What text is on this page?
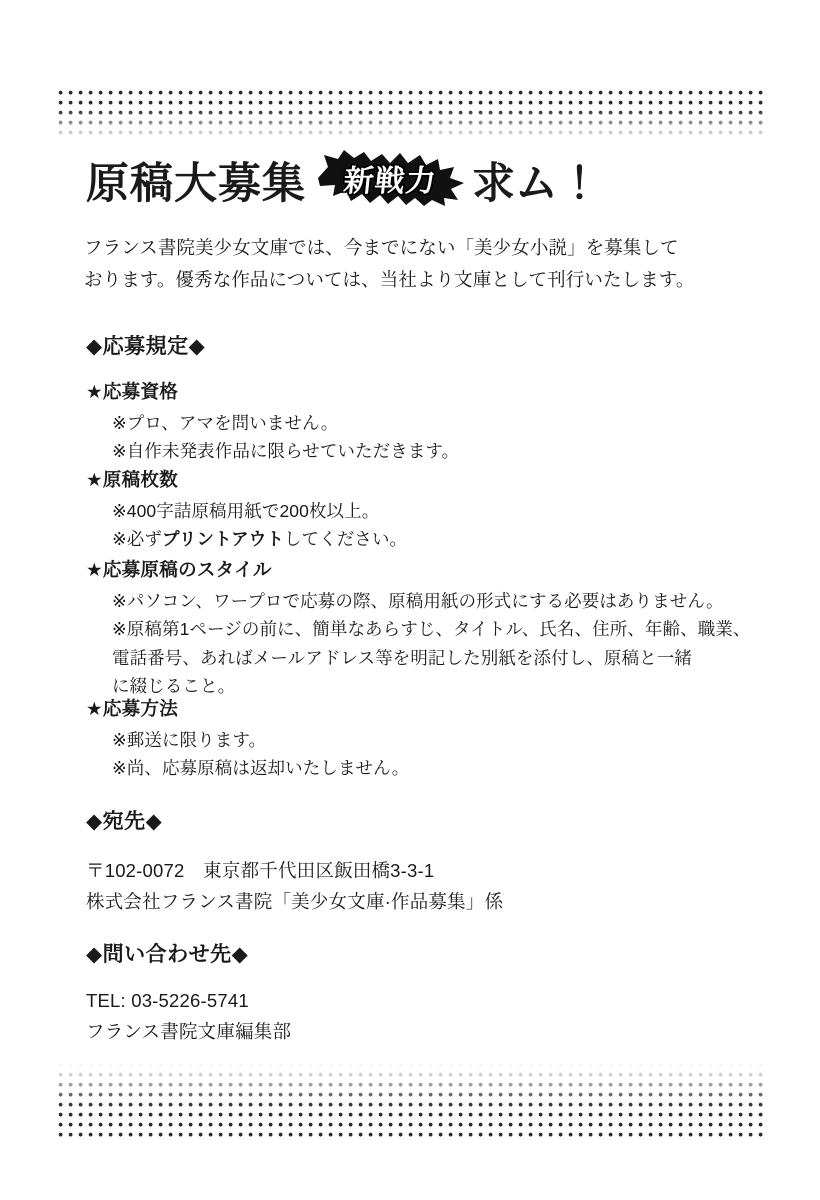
原稿大募集 新戦力 求ム！
フランス書院美少女文庫では、今までにない「美少女小説」を募集して
おります。優秀な作品については、当社より文庫として刊行いたします。
◆応募規定◆
★応募資格
※プロ、アマを問いません。
※自作未発表作品に限らせていただきます。
★原稿枚数
※400字詰原稿用紙で200枚以上。
※必ずプリントアウトしてください。
★応募原稿のスタイル
※パソコン、ワープロで応募の際、原稿用紙の形式にする必要はありません。
※原稿第1ページの前に、簡単なあらすじ、タイトル、氏名、住所、年齢、職業、
電話番号、あればメールアドレス等を明記した別紙を添付し、原稿と一緒
に綴じること。
★応募方法
※郵送に限ります。
※尚、応募原稿は返却いたしません。
◆宛先◆
〒102-0072　東京都千代田区飯田橋3-3-1
株式会社フランス書院「美少女文庫·作品募集」係
◆問い合わせ先◆
TEL: 03-5226-5741
フランス書院文庫編集部
